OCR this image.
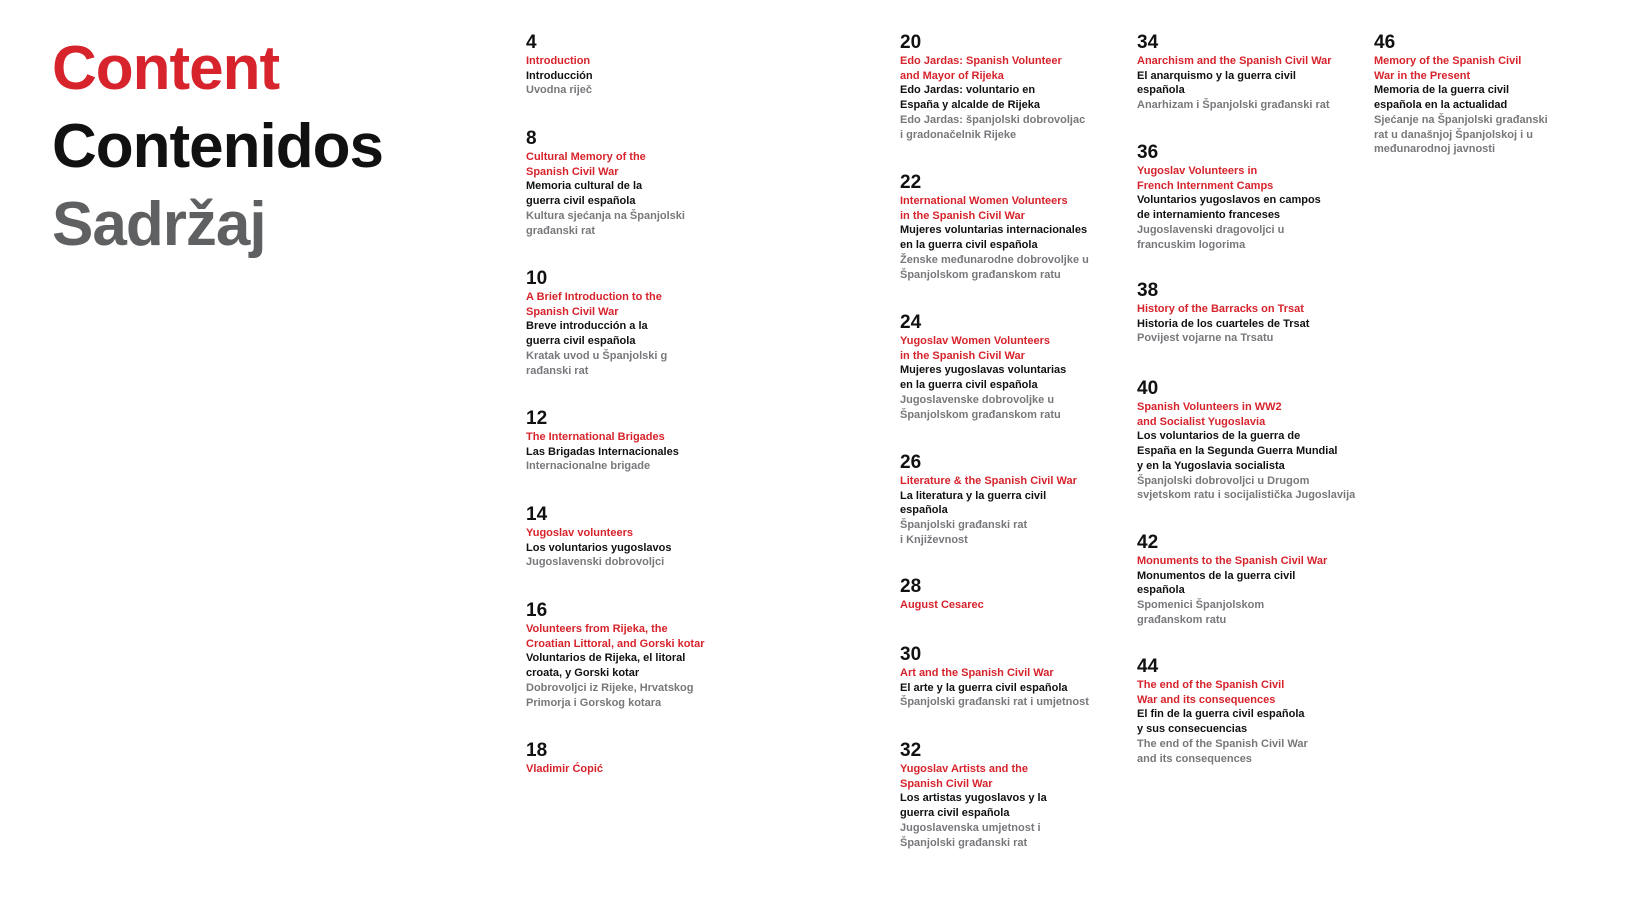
Content
Contenidos
Sadržaj
4
Introduction
Introducción
Uvodna riječ
8
Cultural Memory of the
Spanish Civil War
Memoria cultural de la
guerra civil española
Kultura sjećanja na Španjolski
građanski rat
10
A Brief Introduction to the
Spanish Civil War
Breve introducción a la
guerra civil española
Kratak uvod u Španjolski g
rađanski rat
12
The International Brigades
Las Brigadas Internacionales
Internacionalne brigade
14
Yugoslav volunteers
Los voluntarios yugoslavos
Jugoslavenski dobrovoljci
16
Volunteers from Rijeka, the
Croatian Littoral, and Gorski kotar
Voluntarios de Rijeka, el litoral
croata, y Gorski kotar
Dobrovoljci iz Rijeke, Hrvatskog
Primorja i Gorskog kotara
18
Vladimir Ćopić
20
Edo Jardas: Spanish Volunteer
and Mayor of Rijeka
Edo Jardas: voluntario en
España y alcalde de Rijeka
Edo Jardas: španjolski dobrovoljac
i gradonačelnik Rijeke
22
International Women Volunteers
in the Spanish Civil War
Mujeres voluntarias internacionales
en la guerra civil española
Ženske međunarodne dobrovoljke u
Španjolskom građanskom ratu
24
Yugoslav Women Volunteers
in the Spanish Civil War
Mujeres yugoslavas voluntarias
en la guerra civil española
Jugoslavenske dobrovoljke u
Španjolskom građanskom ratu
26
Literature & the Spanish Civil War
La literatura y la guerra civil
española
Španjolski građanski rat
i Književnost
28
August Cesarec
30
Art and the Spanish Civil War
El arte y la guerra civil española
Španjolski građanski rat i umjetnost
32
Yugoslav Artists and the
Spanish Civil War
Los artistas yugoslavos y la
guerra civil española
Jugoslavenska umjetnost i
Španjolski građanski rat
34
Anarchism and the Spanish Civil War
El anarquismo y la guerra civil
española
Anarhizam i Španjolski građanski rat
36
Yugoslav Volunteers in
French Internment Camps
Voluntarios yugoslavos en campos
de internamiento franceses
Jugoslavenski dragovoljci u
francuskim logorima
38
History of the Barracks on Trsat
Historia de los cuarteles de Trsat
Povijest vojarne na Trsatu
40
Spanish Volunteers in WW2
and Socialist Yugoslavia
Los voluntarios de la guerra de
España en la Segunda Guerra Mundial
y en la Yugoslavia socialista
Španjolski dobrovoljci u Drugom
svjetskom ratu i socijalistička Jugoslavija
42
Monuments to the Spanish Civil War
Monumentos de la guerra civil
española
Spomenici Španjolskom
građanskom ratu
44
The end of the Spanish Civil
War and its consequences
El fin de la guerra civil española
y sus consecuencias
The end of the Spanish Civil War
and its consequences
46
Memory of the Spanish Civil
War in the Present
Memoria de la guerra civil
española en la actualidad
Sjećanje na Španjolski građanski
rat u današnjoj Španjolskoj i u
međunarodnoj javnosti
